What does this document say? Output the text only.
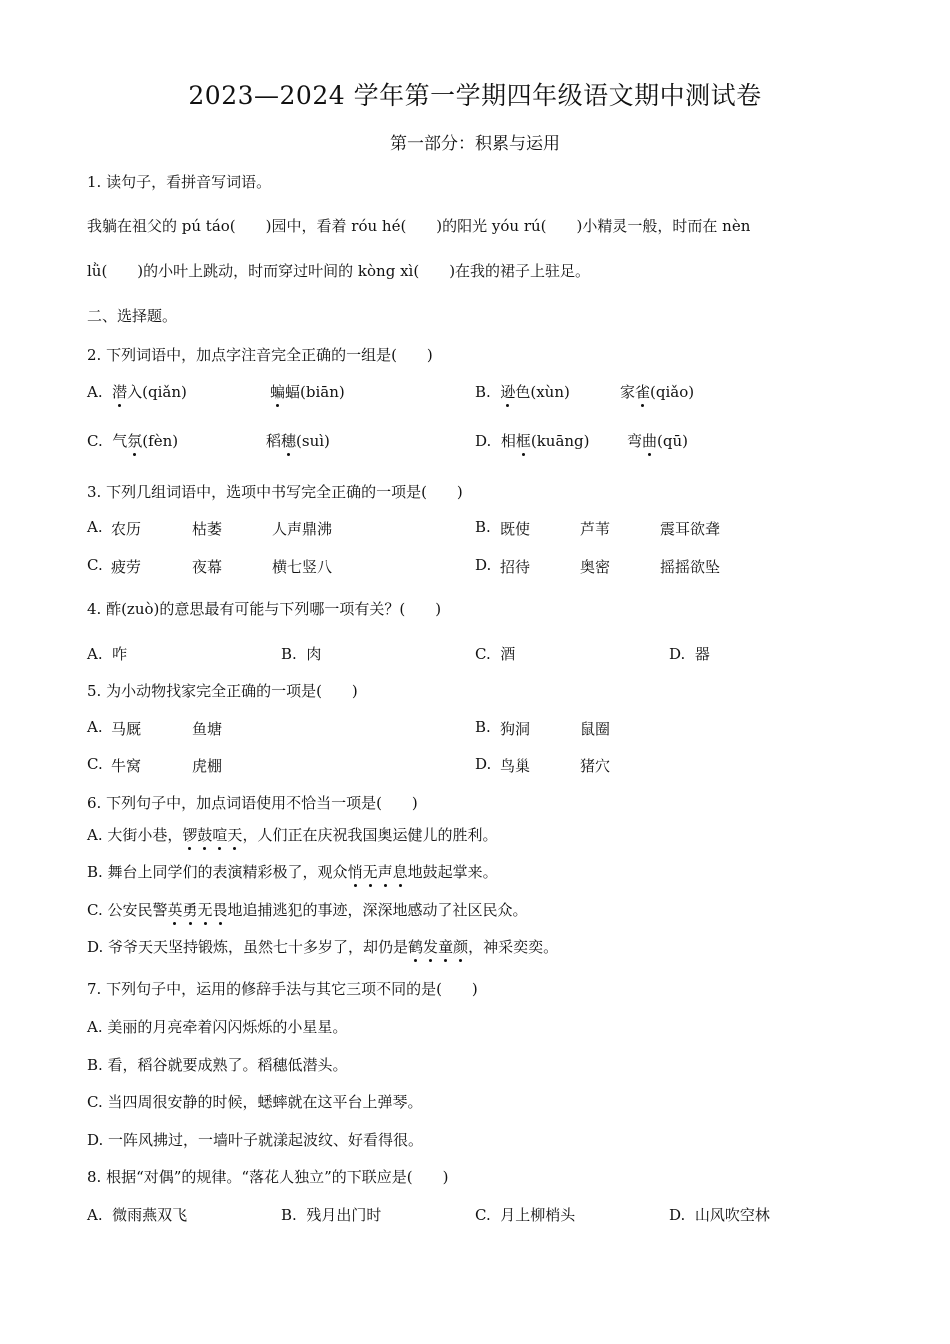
2023—2024 学年第一学期四年级语文期中测试卷
第一部分：积累与运用
1. 读句子，看拼音写词语。
我躺在祖父的 pú táo(　　)园中，看着 róu hé(　　)的阳光 yóu rú(　　)小精灵一般，时而在 nèn
lǜ(　　)的小叶上跳动，时而穿过叶间的 kòng xì(　　)在我的裙子上驻足。
二、选择题。
2. 下列词语中，加点字注音完全正确的一组是(　　)
A. 潜入(qiǎn)	蝙蝠(biān)	B. 逊色(xùn)	家雀(qiǎo)
C. 气氛(fèn)	稻穗(suì)	D. 相框(kuāng) 弯曲(qū)
3. 下列几组词语中，选项中书写完全正确的一项是(　　)
A. 农历	枯萎	人声鼎沸	B. 既使	芦苇	震耳欲聋
C. 疲劳	夜幕	横七竖八	D. 招待	奥密	摇摇欲坠
4. 酢(zuò)的意思最有可能与下列哪一项有关？(　　)
A. 咋	B. 肉	C. 酒	D. 器
5. 为小动物找家完全正确的一项是(　　)
A. 马厩	鱼塘	B. 狗洞	鼠圈
C. 牛窝	虎棚	D. 鸟巢	猪穴
6. 下列句子中，加点词语使用不恰当一项是(　　)
A. 大街小巷，锣鼓喧天，人们正在庆祝我国奥运健儿的胜利。
B. 舞台上同学们的表演精彩极了，观众悄无声息地鼓起掌来。
C. 公安民警英勇无畏地追捕逃犯的事迹，深深地感动了社区民众。
D. 爷爷天天坚持锻炼，虽然七十多岁了，却仍是鹤发童颜，神采奕奕。
7. 下列句子中，运用的修辞手法与其它三项不同的是(　　)
A. 美丽的月亮牵着闪闪烁烁的小星星。
B. 看，稻谷就要成熟了。稻穗低潜头。
C. 当四周很安静的时候，蟋蟀就在这平台上弹琴。
D. 一阵风拂过，一墙叶子就漾起波纹、好看得很。
8. 根据“对偶”的规律。“落花人独立”的下联应是(　　)
A. 微雨燕双飞	B. 残月出门时	C. 月上柳梢头	D. 山风吹空林
